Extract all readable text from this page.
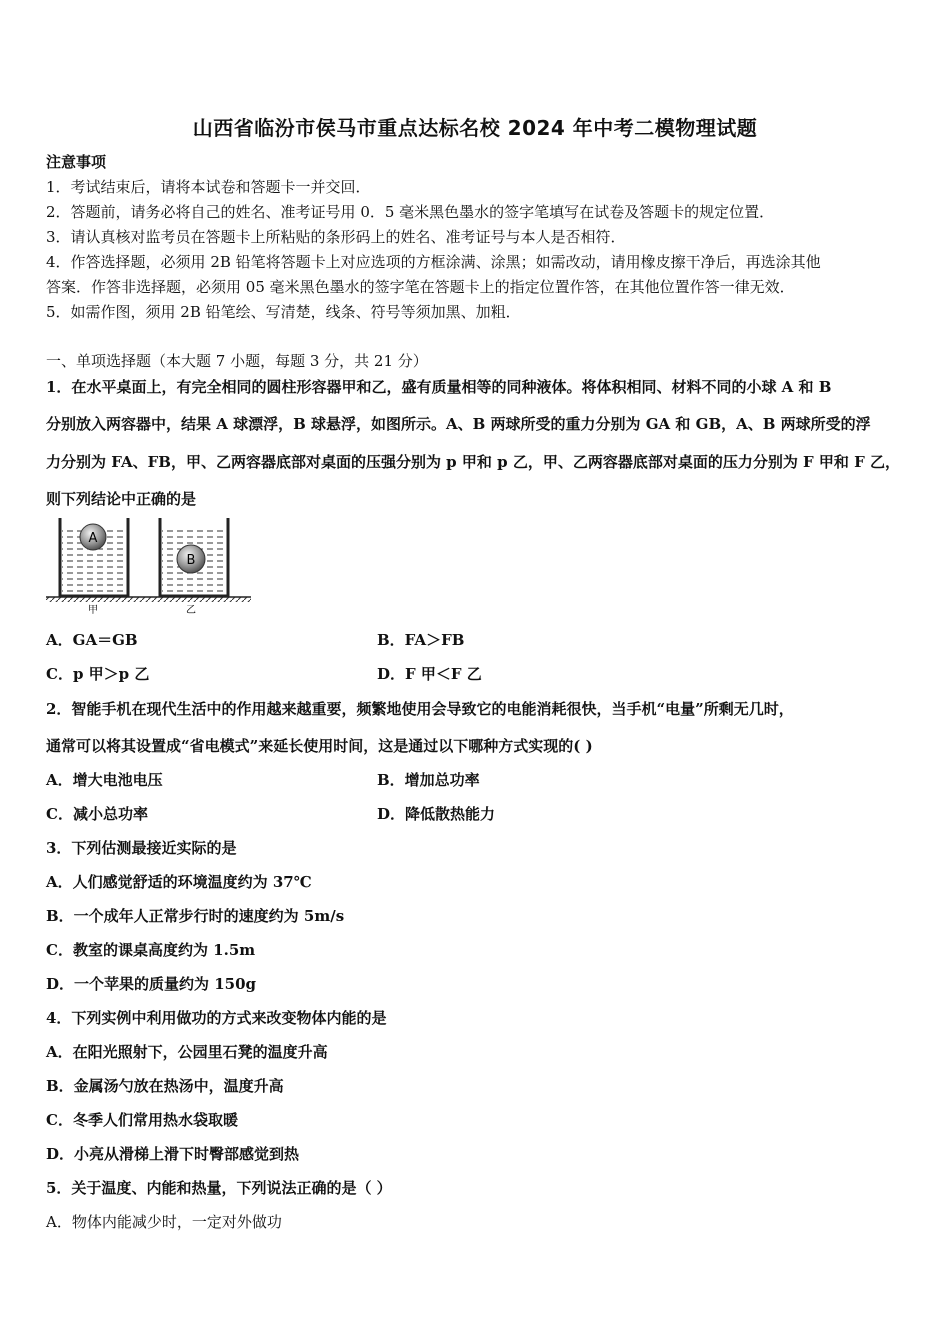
山西省临汾市侯马市重点达标名校 2024 年中考二模物理试题
注意事项
1．考试结束后，请将本试卷和答题卡一并交回．
2．答题前，请务必将自己的姓名、准考证号用 0．5 毫米黑色墨水的签字笔填写在试卷及答题卡的规定位置．
3．请认真核对监考员在答题卡上所粘贴的条形码上的姓名、准考证号与本人是否相符．
4．作答选择题，必须用 2B 铅笔将答题卡上对应选项的方框涂满、涂黑；如需改动，请用橡皮擦干净后，再选涂其他
答案．作答非选择题，必须用 05 毫米黑色墨水的签字笔在答题卡上的指定位置作答，在其他位置作答一律无效．
5．如需作图，须用 2B 铅笔绘、写清楚，线条、符号等须加黑、加粗．
一、单项选择题（本大题 7 小题，每题 3 分，共 21 分）
1．在水平桌面上，有完全相同的圆柱形容器甲和乙，盛有质量相等的同种液体。将体积相同、材料不同的小球 A 和 B
分别放入两容器中，结果 A 球漂浮，B 球悬浮，如图所示。A、B 两球所受的重力分别为 GA 和 GB，A、B 两球所受的浮
力分别为 FA、FB，甲、乙两容器底部对桌面的压强分别为 p 甲和 p 乙，甲、乙两容器底部对桌面的压力分别为 F 甲和 F 乙，
则下列结论中正确的是
A
B
甲	乙
A．GA＝GB	B．FA＞FB
C．p 甲＞p 乙	D．F 甲＜F 乙
2．智能手机在现代生活中的作用越来越重要，频繁地使用会导致它的电能消耗很快，当手机“电量”所剩无几时，
通常可以将其设置成“省电模式”来延长使用时间，这是通过以下哪种方式实现的( )
A．增大电池电压	B．增加总功率
C．减小总功率	D．降低散热能力
3．下列估测最接近实际的是
A．人们感觉舒适的环境温度约为 37℃
B．一个成年人正常步行时的速度约为 5m/s
C．教室的课桌高度约为 1.5m
D．一个苹果的质量约为 150g
4．下列实例中利用做功的方式来改变物体内能的是
A．在阳光照射下，公园里石凳的温度升高
B．金属汤勺放在热汤中，温度升高
C．冬季人们常用热水袋取暖
D．小亮从滑梯上滑下时臀部感觉到热
5．关于温度、内能和热量，下列说法正确的是（ ）
A．物体内能减少时，一定对外做功
